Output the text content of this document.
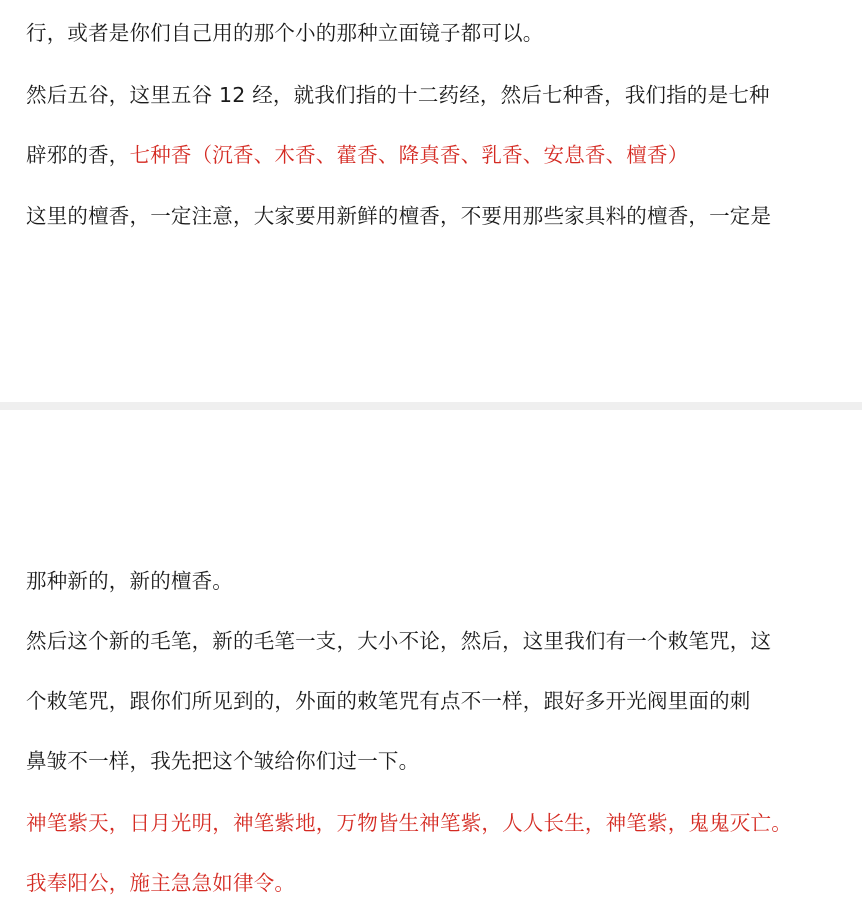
行，或者是你们自己用的那个小的那种立面镜子都可以。
然后五谷，这里五谷 12 经，就我们指的十二药经，然后七种香，我们指的是七种
辟邪的香，七种香（沉香、木香、藿香、降真香、乳香、安息香、檀香）
这里的檀香，一定注意，大家要用新鲜的檀香，不要用那些家具料的檀香，一定是
那种新的，新的檀香。
然后这个新的毛笔，新的毛笔一支，大小不论，然后，这里我们有一个敕笔咒，这
个敕笔咒，跟你们所见到的，外面的敕笔咒有点不一样，跟好多开光阀里面的刺
鼻皱不一样，我先把这个皱给你们过一下。
神笔紫天，日月光明，神笔紫地，万物皆生神笔紫，人人长生，神笔紫，鬼鬼灭亡。
我奉阳公，施主急急如律令。
